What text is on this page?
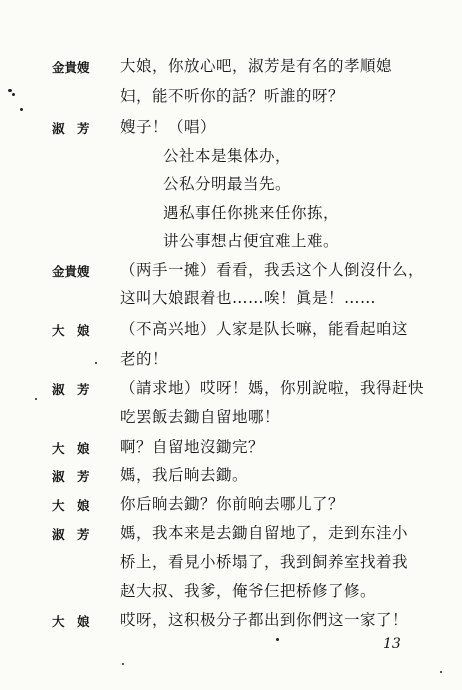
金貴嫂	大娘，你放心吧，淑芳是有名的孝順媳
妇，能不听你的話？听誰的呀？
淑　芳	嫂子！（唱）
公社本是集体办，
公私分明最当先。
遇私事任你挑来任你拣，
讲公事想占便宜难上难。
金貴嫂	（两手一摊）看看，我丢这个人倒沒什么，
这叫大娘跟着也……唉！眞是！……
大　娘	（不高兴地）人家是队长嘛，能看起咱这
老的！
淑　芳	（請求地）哎呀！媽，你別說啦，我得赶快
吃罢飯去鋤自留地哪！
大　娘	啊？自留地沒鋤完？
淑　芳	媽，我后晌去鋤。
大　娘	你后晌去鋤？你前晌去哪儿了？
淑　芳	媽，我本来是去鋤自留地了，走到东洼小
桥上，看見小桥塌了，我到飼养室找着我
赵大叔、我爹，俺爷仨把桥修了修。
大　娘	哎呀，这积极分子都出到你們这一家了！
13
